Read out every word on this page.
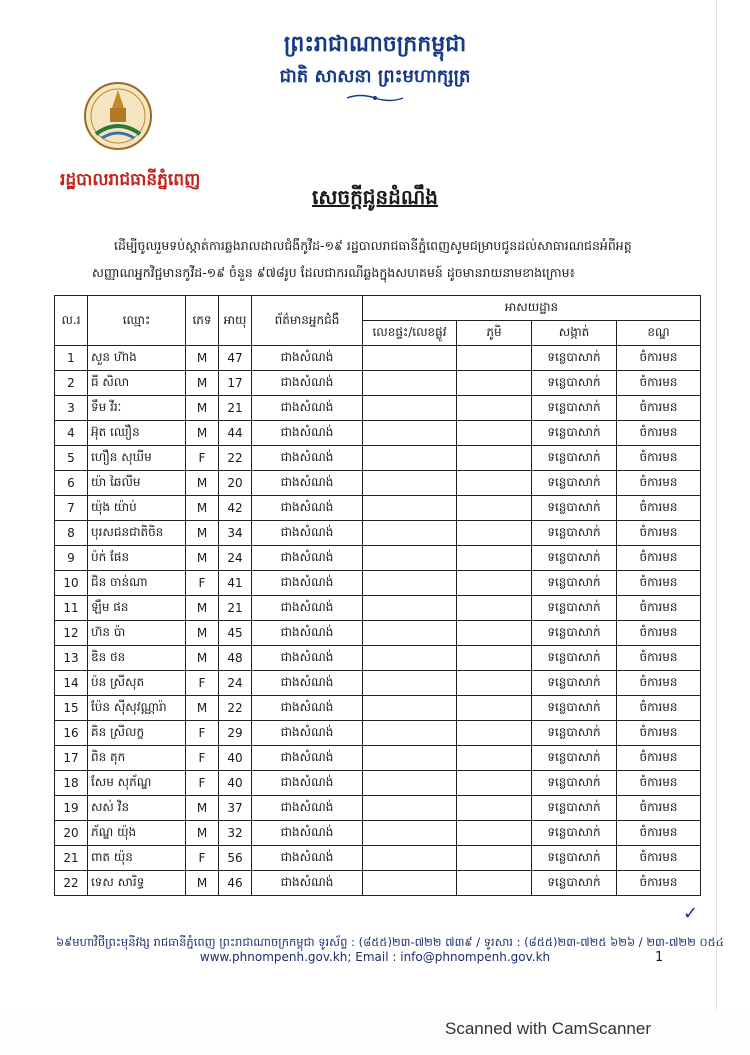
ព្រះរាជាណាចក្រកម្ពុជា
ជាតិ សាសនា ព្រះមហាក្សត្រ
រដ្ឋបាលរាជធានីភ្នំពេញ
សេចក្តីជូនដំណឹង
ដើម្បីចូលរួមទប់ស្កាត់ការឆ្លងរាលដាលជំងឺកូវីដ-១៩ រដ្ឋបាលរាជធានីភ្នំពេញសូមជម្រាបជូនដល់សាធារណជនអំពីអត្តសញ្ញាណអ្នកវិជ្ជមានកូវីដ-១៩ ចំនួន ៩៧៨រូប ដែលជាករណីឆ្លងក្នុងសហគមន៍ ដូចមានរាយនាមខាងក្រោម៖
ល.រ	ឈ្មោះ	ភេទ	អាយុ	ព័ត៌មានអ្នកជំងឺ	អាសយដ្ឋាន			
					លេខផ្ទះ/លេខផ្លូវ	ភូមិ	សង្កាត់	ខណ្ឌ
1	សួន ហ៊ាង	M	47	ជាងសំណង់			ទន្លេបាសាក់	ចំការមន
2	ធី សិលា	M	17	ជាងសំណង់			ទន្លេបាសាក់	ចំការមន
3	ទឹម វីរៈ	M	21	ជាងសំណង់			ទន្លេបាសាក់	ចំការមន
4	អ៊ុត ឈឿន	M	44	ជាងសំណង់			ទន្លេបាសាក់	ចំការមន
5	ហឿន សុឃីម	F	22	ជាងសំណង់			ទន្លេបាសាក់	ចំការមន
6	យ៉ា ឆៃលីម	M	20	ជាងសំណង់			ទន្លេបាសាក់	ចំការមន
7	យ៉ុង យ៉ាប់	M	42	ជាងសំណង់			ទន្លេបាសាក់	ចំការមន
8	បុរសជនជាតិចិន	M	34	ជាងសំណង់			ទន្លេបាសាក់	ចំការមន
9	ប៉ក់ ផែន	M	24	ជាងសំណង់			ទន្លេបាសាក់	ចំការមន
10	ជិន ចាន់ណា	F	41	ជាងសំណង់			ទន្លេបាសាក់	ចំការមន
11	ឡឹម ផន	M	21	ជាងសំណង់			ទន្លេបាសាក់	ចំការមន
12	ហ៊ន ប៉ា	M	45	ជាងសំណង់			ទន្លេបាសាក់	ចំការមន
13	ឌិន ថន	M	48	ជាងសំណង់			ទន្លេបាសាក់	ចំការមន
14	ប៉ន ស្រីសុត	F	24	ជាងសំណង់			ទន្លេបាសាក់	ចំការមន
15	ប៉ែន ស៊ីសុវណ្ណារ៉ា	M	22	ជាងសំណង់			ទន្លេបាសាក់	ចំការមន
16	គិន ស្រីលក្ខ	F	29	ជាងសំណង់			ទន្លេបាសាក់	ចំការមន
17	ពិន តុក	F	40	ជាងសំណង់			ទន្លេបាសាក់	ចំការមន
18	សែម សុភ័ណ្ឌ	F	40	ជាងសំណង់			ទន្លេបាសាក់	ចំការមន
19	សស់ វិន	M	37	ជាងសំណង់			ទន្លេបាសាក់	ចំការមន
20	ភ័ណ្ឌ យ៉ុង	M	32	ជាងសំណង់			ទន្លេបាសាក់	ចំការមន
21	ពាត យ៉ុន	F	56	ជាងសំណង់			ទន្លេបាសាក់	ចំការមន
22	ទេស សារិទ្ធ	M	46	ជាងសំណង់			ទន្លេបាសាក់	ចំការមន
✓
៦៩មហាវិថីព្រះមុនីវង្ស រាជធានីភ្នំពេញ ព្រះរាជាណាចក្រកម្ពុជា ទូរស័ព្ទ : (៨៥៥)២៣-៧២២ ៧៣៩ / ទូរសារ : (៨៥៥)២៣-៧២៥ ៦២៦ / ២៣-៧២២ ០៥៤
www.phnompenh.gov.kh; Email : info@phnompenh.gov.kh	1
Scanned with CamScanner
